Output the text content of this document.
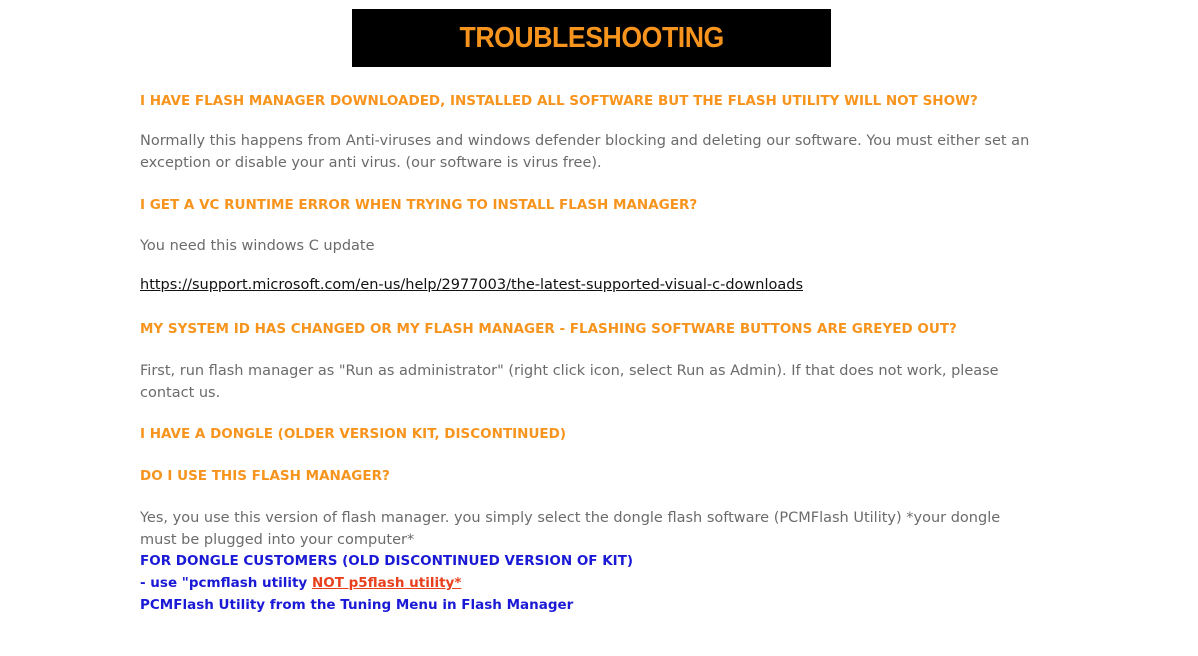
TROUBLESHOOTING
I HAVE FLASH MANAGER DOWNLOADED, INSTALLED ALL SOFTWARE BUT THE FLASH UTILITY WILL NOT SHOW?
Normally this happens from Anti-viruses and windows defender blocking and deleting our software. You must either set an exception or disable your anti virus. (our software is virus free).
I GET A VC RUNTIME ERROR WHEN TRYING TO INSTALL FLASH MANAGER?
You need this windows C update
https://support.microsoft.com/en-us/help/2977003/the-latest-supported-visual-c-downloads
MY SYSTEM ID HAS CHANGED OR MY FLASH MANAGER - FLASHING SOFTWARE BUTTONS ARE GREYED OUT?
First, run flash manager as "Run as administrator" (right click icon, select Run as Admin). If that does not work, please contact us.
I HAVE A DONGLE (OLDER VERSION KIT, DISCONTINUED)
DO I USE THIS FLASH MANAGER?
Yes, you use this version of flash manager. you simply select the dongle flash software (PCMFlash Utility) *your dongle must be plugged into your computer*
FOR DONGLE CUSTOMERS (OLD DISCONTINUED VERSION OF KIT)
- use "pcmflash utility NOT p5flash utility*
PCMFlash Utility from the Tuning Menu in Flash Manager
